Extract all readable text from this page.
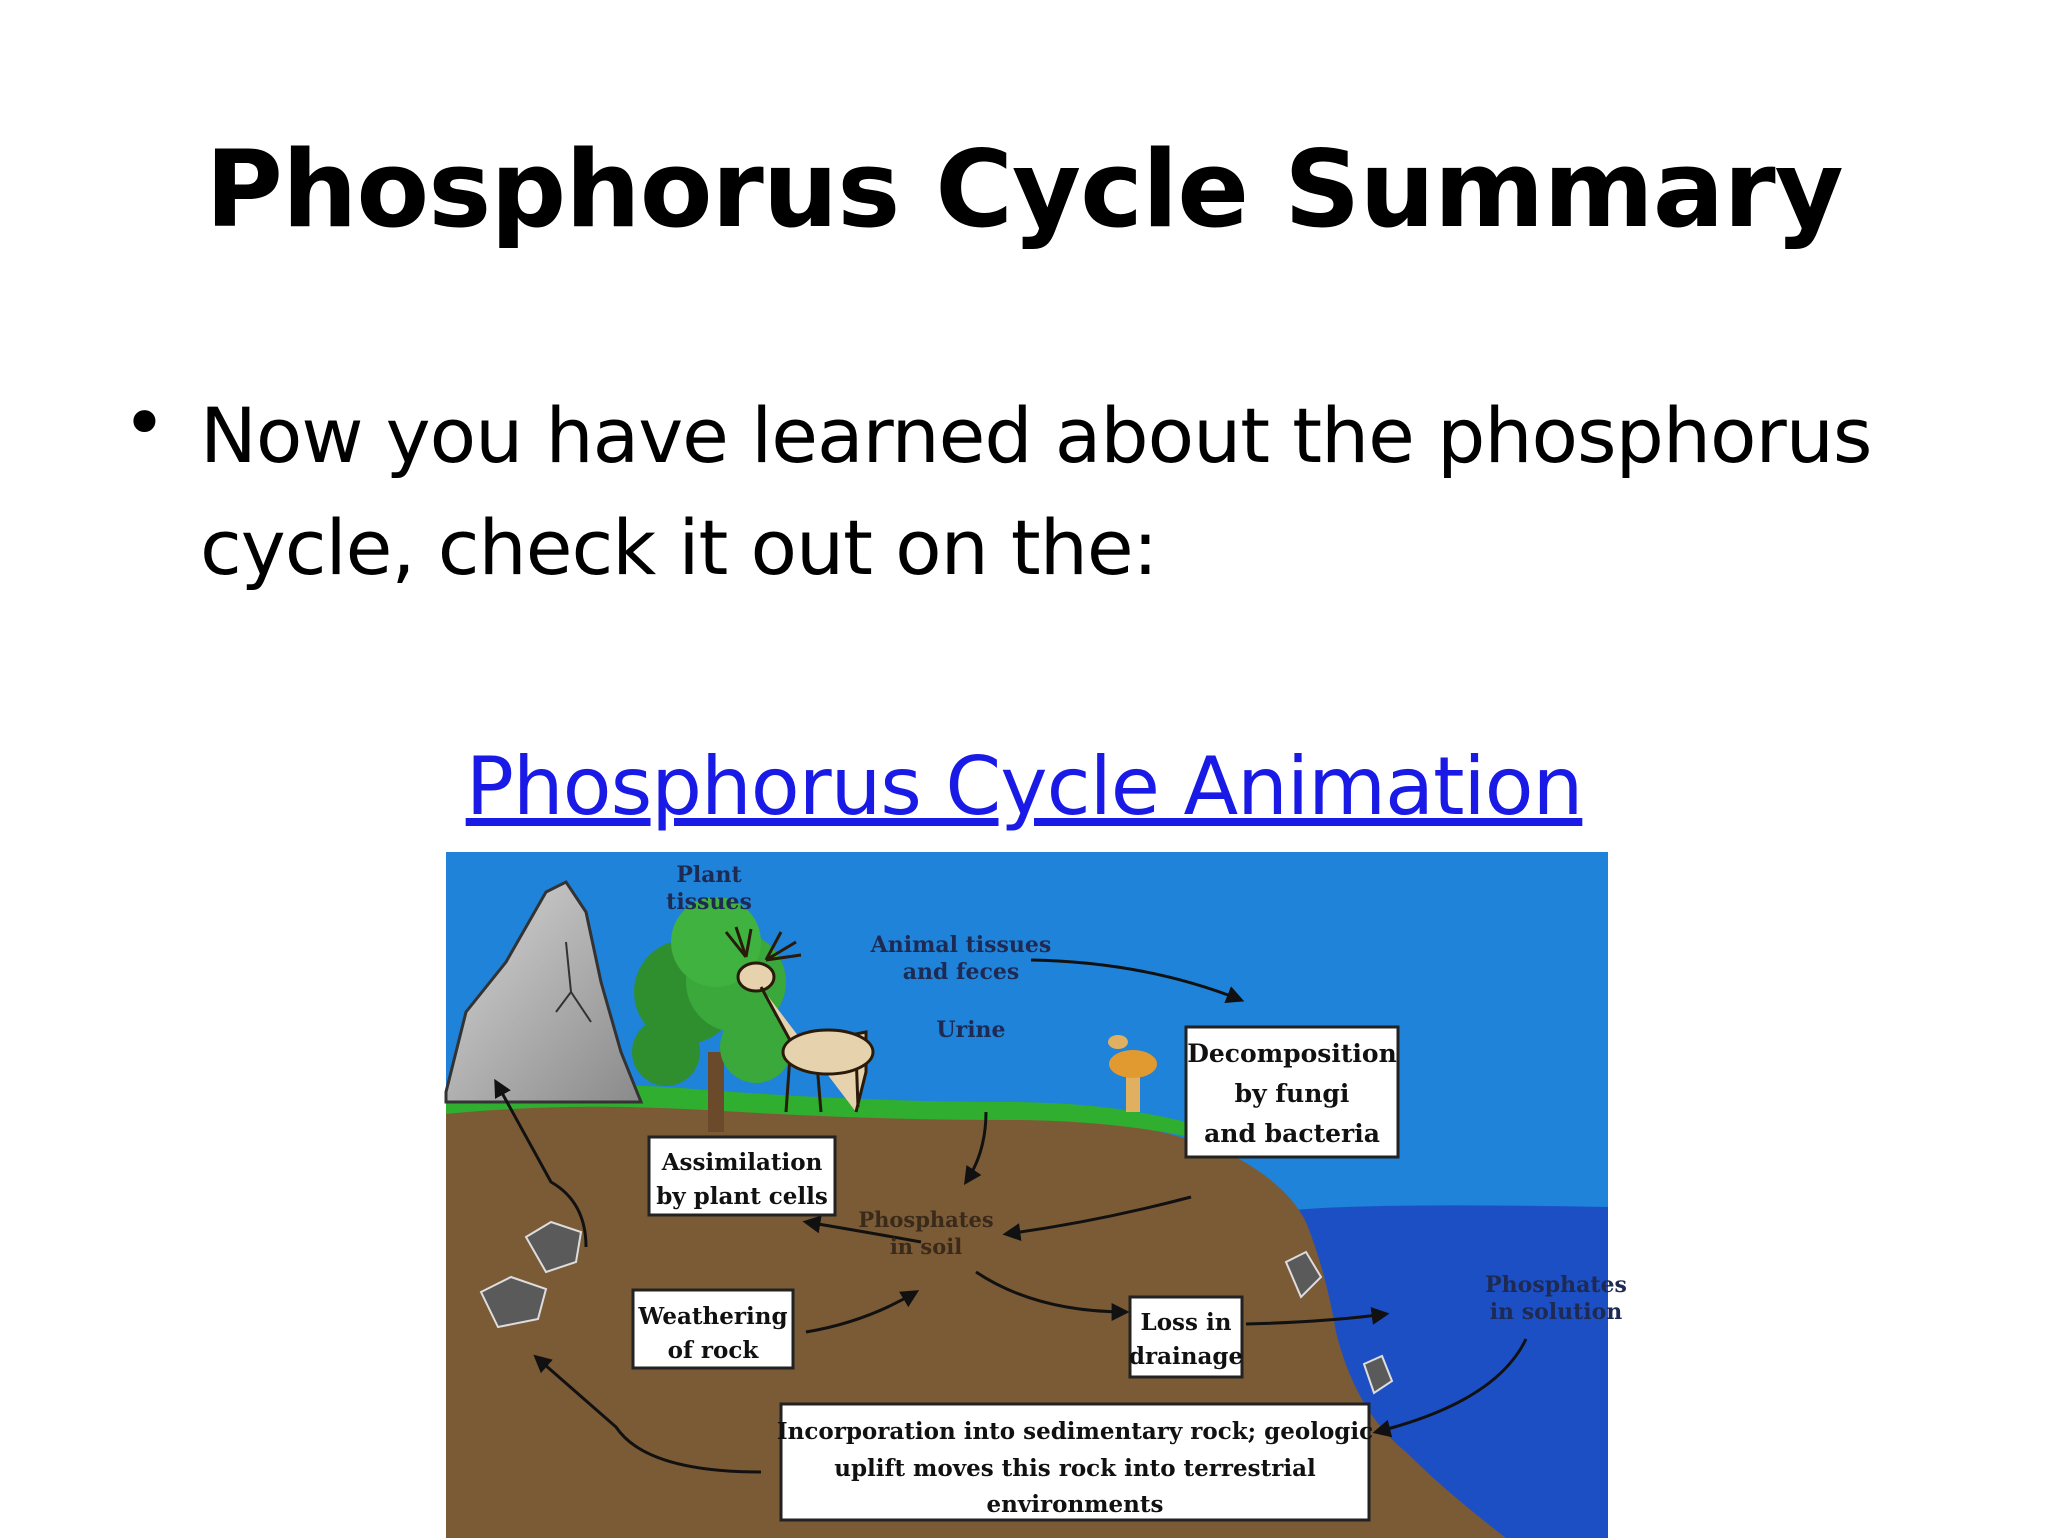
Phosphorus Cycle Summary
• Now you have learned about the phosphorus
cycle, check it out on the:
Phosphorus Cycle Animation
Plant
tissues
Animal tissues
and feces
Urine
Phosphates
in soil
Phosphates
in solution
Decomposition
by fungi
and bacteria
Assimilation
by plant cells
Weathering
of rock
Loss in
drainage
Incorporation into sedimentary rock; geologic
uplift moves this rock into terrestrial
environments
